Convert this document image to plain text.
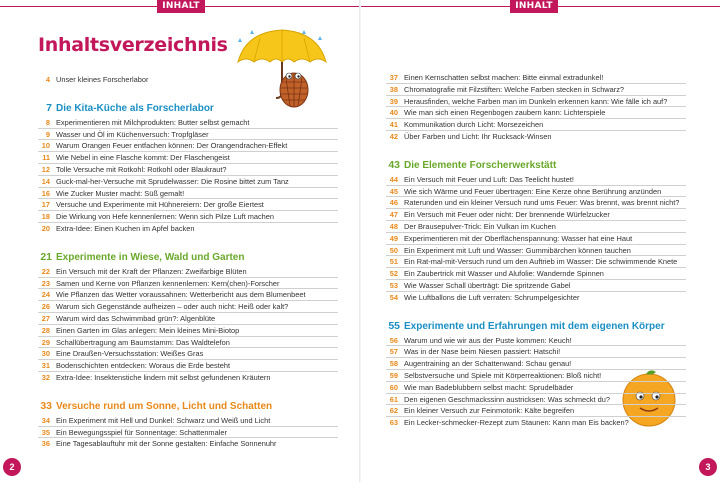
INHALT	INHALT
Inhaltsverzeichnis
4 Unser kleines Forscherlabor
7 Die Kita-Küche als Forscherlabor
8 Experimentieren mit Milchprodukten: Butter selbst gemacht
9 Wasser und Öl im Küchenversuch: Tropfgläser
10 Warum Orangen Feuer entfachen können: Der Orangendrachen-Effekt
11 Wie Nebel in eine Flasche kommt: Der Flaschengeist
12 Tolle Versuche mit Rotkohl: Rotkohl oder Blaukraut?
14 Guck-mal-her-Versuche mit Sprudelwasser: Die Rosine bittet zum Tanz
16 Wie Zucker Muster macht: Süß gemalt!
17 Versuche und Experimente mit Hühnereiern: Der große Eiertest
18 Die Wirkung von Hefe kennenlernen: Wenn sich Pilze Luft machen
20 Extra-Idee: Einen Kuchen im Apfel backen
21 Experimente in Wiese, Wald und Garten
22 Ein Versuch mit der Kraft der Pflanzen: Zweifarbige Blüten
23 Samen und Kerne von Pflanzen kennenlernen: Kern(chen)-Forscher
24 Wie Pflanzen das Wetter voraussahnen: Wetterbericht aus dem Blumenbeet
26 Warum sich Gegenstände aufheizen – oder auch nicht: Heiß oder kalt?
27 Warum wird das Schwimmbad grün?: Algenblüte
28 Einen Garten im Glas anlegen: Mein kleines Mini-Biotop
29 Schallübertragung am Baumstamm: Das Waldtelefon
30 Eine Draußen-Versuchsstation: Weißes Gras
31 Bodenschichten entdecken: Woraus die Erde besteht
32 Extra-Idee: Insektenstiche lindern mit selbst gefundenen Kräutern
33 Versuche rund um Sonne, Licht und Schatten
34 Ein Experiment mit Hell und Dunkel: Schwarz und Weiß und Licht
35 Ein Bewegungsspiel für Sonnentage: Schattenmaler
36 Eine Tagesablauftuhr mit der Sonne gestalten: Einfache Sonnenuhr
37 Einen Kernschatten selbst machen: Bitte einmal extradunkel!
38 Chromatografie mit Filzstiften: Welche Farben stecken in Schwarz?
39 Herausfinden, welche Farben man im Dunkeln erkennen kann: Wie fälle ich auf?
40 Wie man sich einen Regenbogen zaubern kann: Lichterspiele
41 Kommunikation durch Licht: Morsezeichen
42 Über Farben und Licht: Ihr Rucksack-Winsen
43 Die Elemente Forscherwerkstätt
44 Ein Versuch mit Feuer und Luft: Das Teelicht hustet!
45 Wie sich Wärme und Feuer übertragen: Eine Kerze ohne Berührung anzünden
46 Raterunden und ein kleiner Versuch rund ums Feuer: Was brennt, was brennt nicht?
47 Ein Versuch mit Feuer oder nicht: Der brennende Würfelzucker
48 Der Brausepulver-Trick: Ein Vulkan im Kuchen
49 Experimentieren mit der Oberflächenspannung: Wasser hat eine Haut
50 Ein Experiment mit Luft und Wasser: Gummibärchen können tauchen
51 Ein Rat-mal-mit-Versuch rund um den Auftrieb im Wasser: Die schwimmende Knete
52 Ein Zaubertrick mit Wasser und Alufolie: Wandernde Spinnen
53 Wie Wasser Schall überträgt: Die spritzende Gabel
54 Wie Luftballons die Luft verraten: Schrumpelgesichter
55 Experimente und Erfahrungen mit dem eigenen Körper
56 Warum und wie wir aus der Puste kommen: Keuch!
57 Was in der Nase beim Niesen passiert: Hatschi!
58 Augentraining an der Schattenwand: Schau genau!
59 Selbstversuche und Spiele mit Körperreaktionen: Bloß nicht!
60 Wie man Badeblubbern selbst macht: Sprudelbäder
61 Den eigenen Geschmackssinn austricksen: Was schmeckt du?
62 Ein kleiner Versuch zur Feinmotorik: Kälte begreifen
63 Ein Lecker-schmecker-Rezept zum Staunen: Kann man Eis backen?
2	3
